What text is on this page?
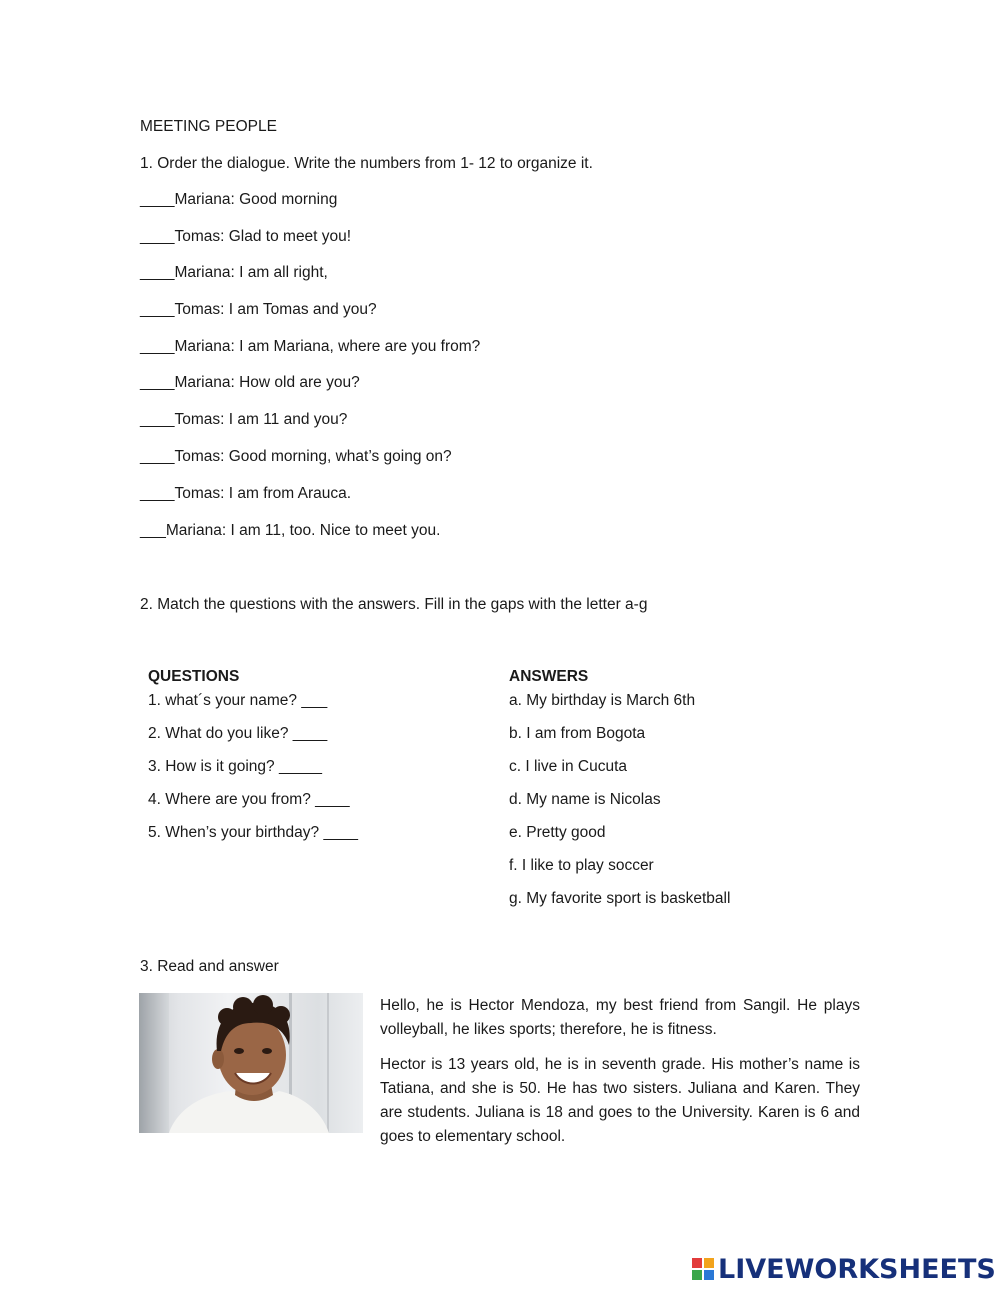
MEETING PEOPLE
1. Order the dialogue. Write the numbers from 1- 12 to organize it.
____Mariana: Good morning
____Tomas: Glad to meet you!
____Mariana: I am all right,
____Tomas: I am Tomas and you?
____Mariana: I am Mariana, where are you from?
____Mariana: How old are you?
____Tomas: I am 11 and you?
____Tomas: Good morning, what’s going on?
____Tomas: I am from Arauca.
___Mariana: I am 11, too. Nice to meet you.
2. Match the questions with the answers. Fill in the gaps with the letter a-g
QUESTIONS	ANSWERS
1. what´s your name? ___
2. What do you like? ____
3. How is it going? _____
4. Where are you from? ____
5. When’s your birthday? ____
a. My birthday is March 6th
b. I am from Bogota
c. I live in Cucuta
d. My name is Nicolas
e. Pretty good
f. I like to play soccer
g. My favorite sport is basketball
3. Read and answer
Hello, he is Hector Mendoza, my best friend from Sangil. He plays volleyball, he likes sports; therefore, he is fitness.
Hector is 13 years old, he is in seventh grade. His mother’s name is Tatiana, and she is 50. He has two sisters. Juliana and Karen. They are students. Juliana is 18 and goes to the University. Karen is 6 and goes to elementary school.
LIVEWORKSHEETS
